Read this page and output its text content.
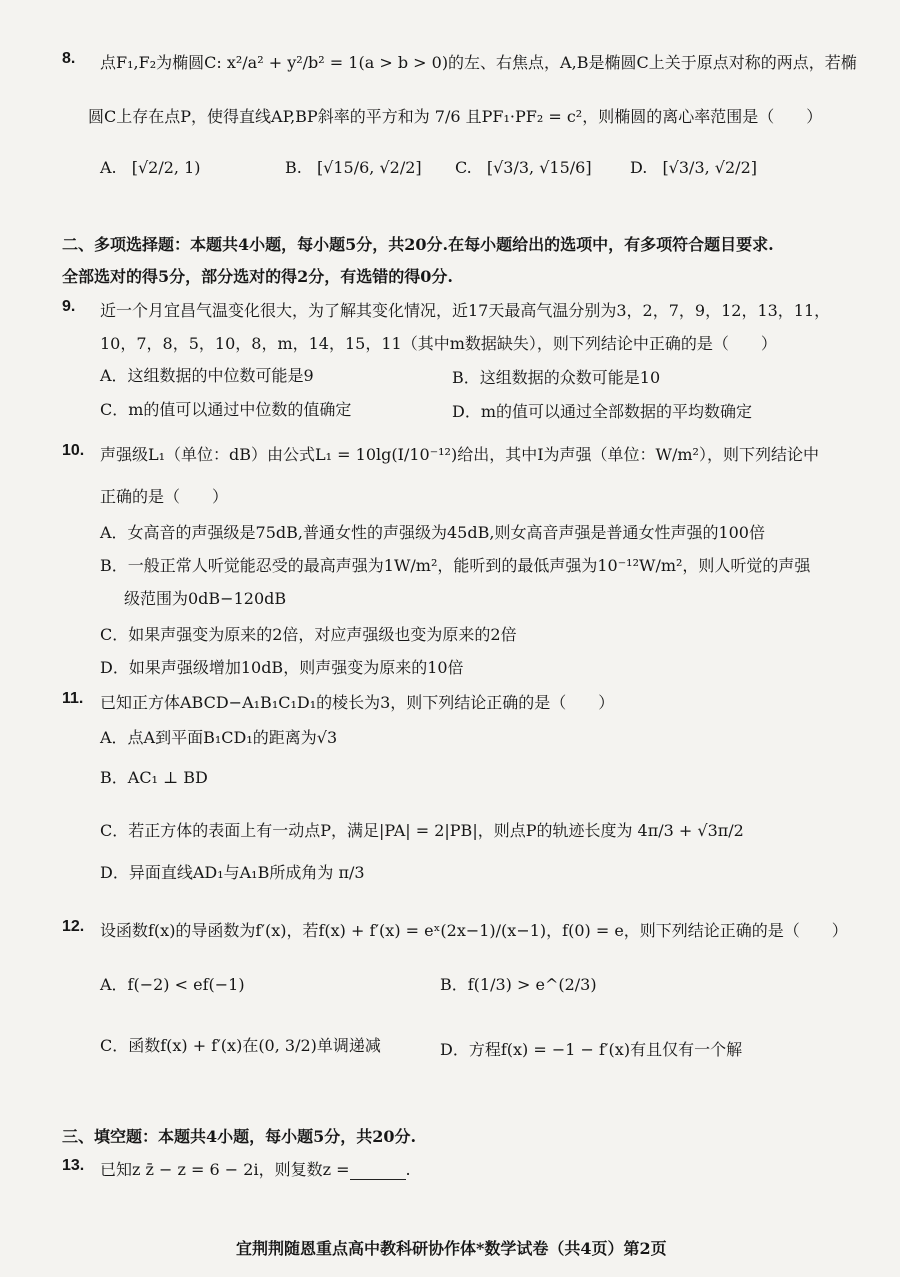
8. 点F₁,F₂为椭圆C: x²/a² + y²/b² = 1(a > b > 0)的左、右焦点，A,B是椭圆C上关于原点对称的两点，若椭
圆C上存在点P，使得直线AP,BP斜率的平方和为 7/6 且PF₁·PF₂ = c²，则椭圆的离心率范围是（　　）
A. [√2/2, 1)	B. [√15/6, √2/2] C. [√3/3, √15/6] D. [√3/3, √2/2]
二、多项选择题：本题共4小题，每小题5分，共20分.在每小题给出的选项中，有多项符合题目要求.
全部选对的得5分，部分选对的得2分，有选错的得0分.
9. 近一个月宜昌气温变化很大，为了解其变化情况，近17天最高气温分别为3，2，7，9，12，13，11，
10，7，8，5，10，8，m，14，15，11（其中m数据缺失），则下列结论中正确的是（　　）
A．这组数据的中位数可能是9	B．这组数据的众数可能是10
C．m的值可以通过中位数的值确定	D．m的值可以通过全部数据的平均数确定
10. 声强级L₁（单位：dB）由公式L₁ = 10lg(I/10⁻¹²)给出，其中I为声强（单位：W/m²），则下列结论中
正确的是（　　）
A．女高音的声强级是75dB,普通女性的声强级为45dB,则女高音声强是普通女性声强的100倍
B．一般正常人听觉能忍受的最高声强为1W/m²，能听到的最低声强为10⁻¹²W/m²，则人听觉的声强
级范围为0dB−120dB
C．如果声强变为原来的2倍，对应声强级也变为原来的2倍
D．如果声强级增加10dB，则声强变为原来的10倍
11. 已知正方体ABCD−A₁B₁C₁D₁的棱长为3，则下列结论正确的是（　　）
A．点A到平面B₁CD₁的距离为√3
B．AC₁ ⊥ BD
C．若正方体的表面上有一动点P，满足|PA| = 2|PB|，则点P的轨迹长度为 4π/3 + √3π/2
D．异面直线AD₁与A₁B所成角为 π/3
12. 设函数f(x)的导函数为f′(x)，若f(x) + f′(x) = eˣ(2x−1)/(x−1)，f(0) = e，则下列结论正确的是（　　）
A．f(−2) < ef(−1)	B．f(1/3) > e^(2/3)
C．函数f(x) + f′(x)在(0, 3/2)单调递减	D．方程f(x) = −1 − f′(x)有且仅有一个解
三、填空题：本题共4小题，每小题5分，共20分.
13. 已知z z̄ − z = 6 − 2i，则复数z =	.
宜荆荆随恩重点高中教科研协作体*数学试卷（共4页）第2页
